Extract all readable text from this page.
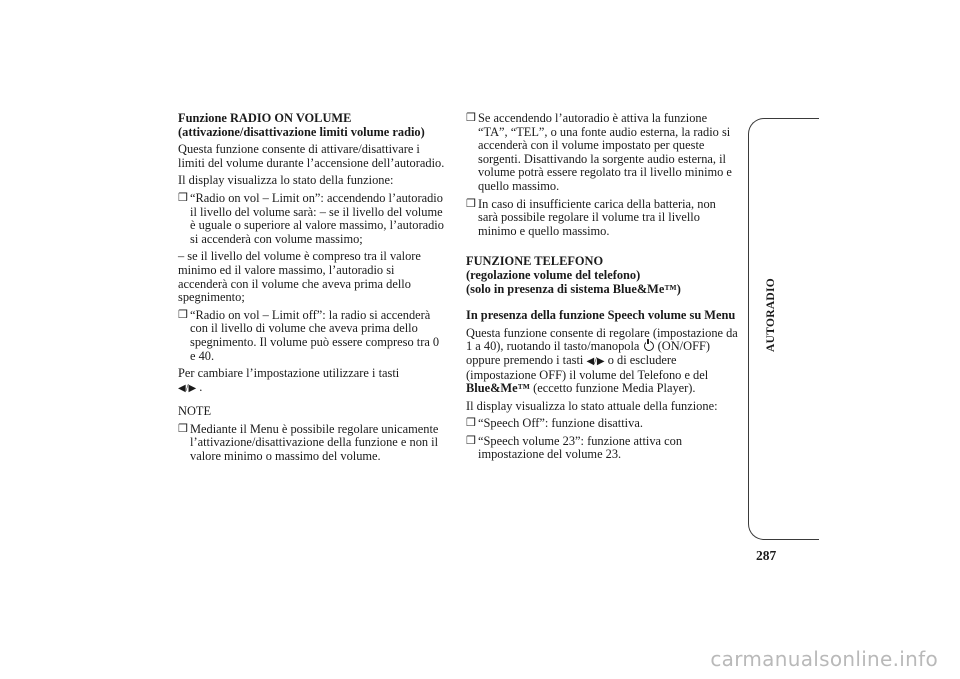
Funzione RADIO ON VOLUME

(attivazione/disattivazione limiti volume radio)

Questa funzione consente di attivare/disattivare i limiti del volume durante l’accensione dell’autoradio.

Il display visualizza lo stato della funzione:

❒ “Radio on vol – Limit on”: accendendo l’autoradio il livello del volume sarà: – se il livello del volume è uguale o superiore al valore massimo, l’autoradio si accenderà con volume massimo;

– se il livello del volume è compreso tra il valore minimo ed il valore massimo, l’autoradio si accenderà con il volume che aveva prima dello spegnimento;

❒ “Radio on vol – Limit off”: la radio si accenderà con il livello di volume che aveva prima dello spegnimento. Il volume può essere compreso tra 0 e 40.

Per cambiare l’impostazione utilizzare i tasti
◀/▶ .

NOTE

❒ Mediante il Menu è possibile regolare unicamente l’attivazione/disattivazione della funzione e non il valore minimo o massimo del volume.
❒ Se accendendo l’autoradio è attiva la funzione “TA”, “TEL”, o una fonte audio esterna, la radio si accenderà con il volume impostato per queste sorgenti. Disattivando la sorgente audio esterna, il volume potrà essere regolato tra il livello minimo e quello massimo.
❒ In caso di insufficiente carica della batteria, non sarà possibile regolare il volume tra il livello minimo e quello massimo.

FUNZIONE TELEFONO

(regolazione volume del telefono)

(solo in presenza di sistema Blue&Me™)

In presenza della funzione Speech volume su Menu

Questa funzione consente di regolare (impostazione da 1 a 40), ruotando il tasto/manopola (ON/OFF) oppure premendo i tasti ◀/▶ o di escludere (impostazione OFF) il volume del Telefono e del Blue&Me™ (eccetto funzione Media Player).

Il display visualizza lo stato attuale della funzione:

❒ “Speech Off”: funzione disattiva.
❒ “Speech volume 23”: funzione attiva con impostazione del volume 23.
AUTORADIO
287
carmanualsonline.info
